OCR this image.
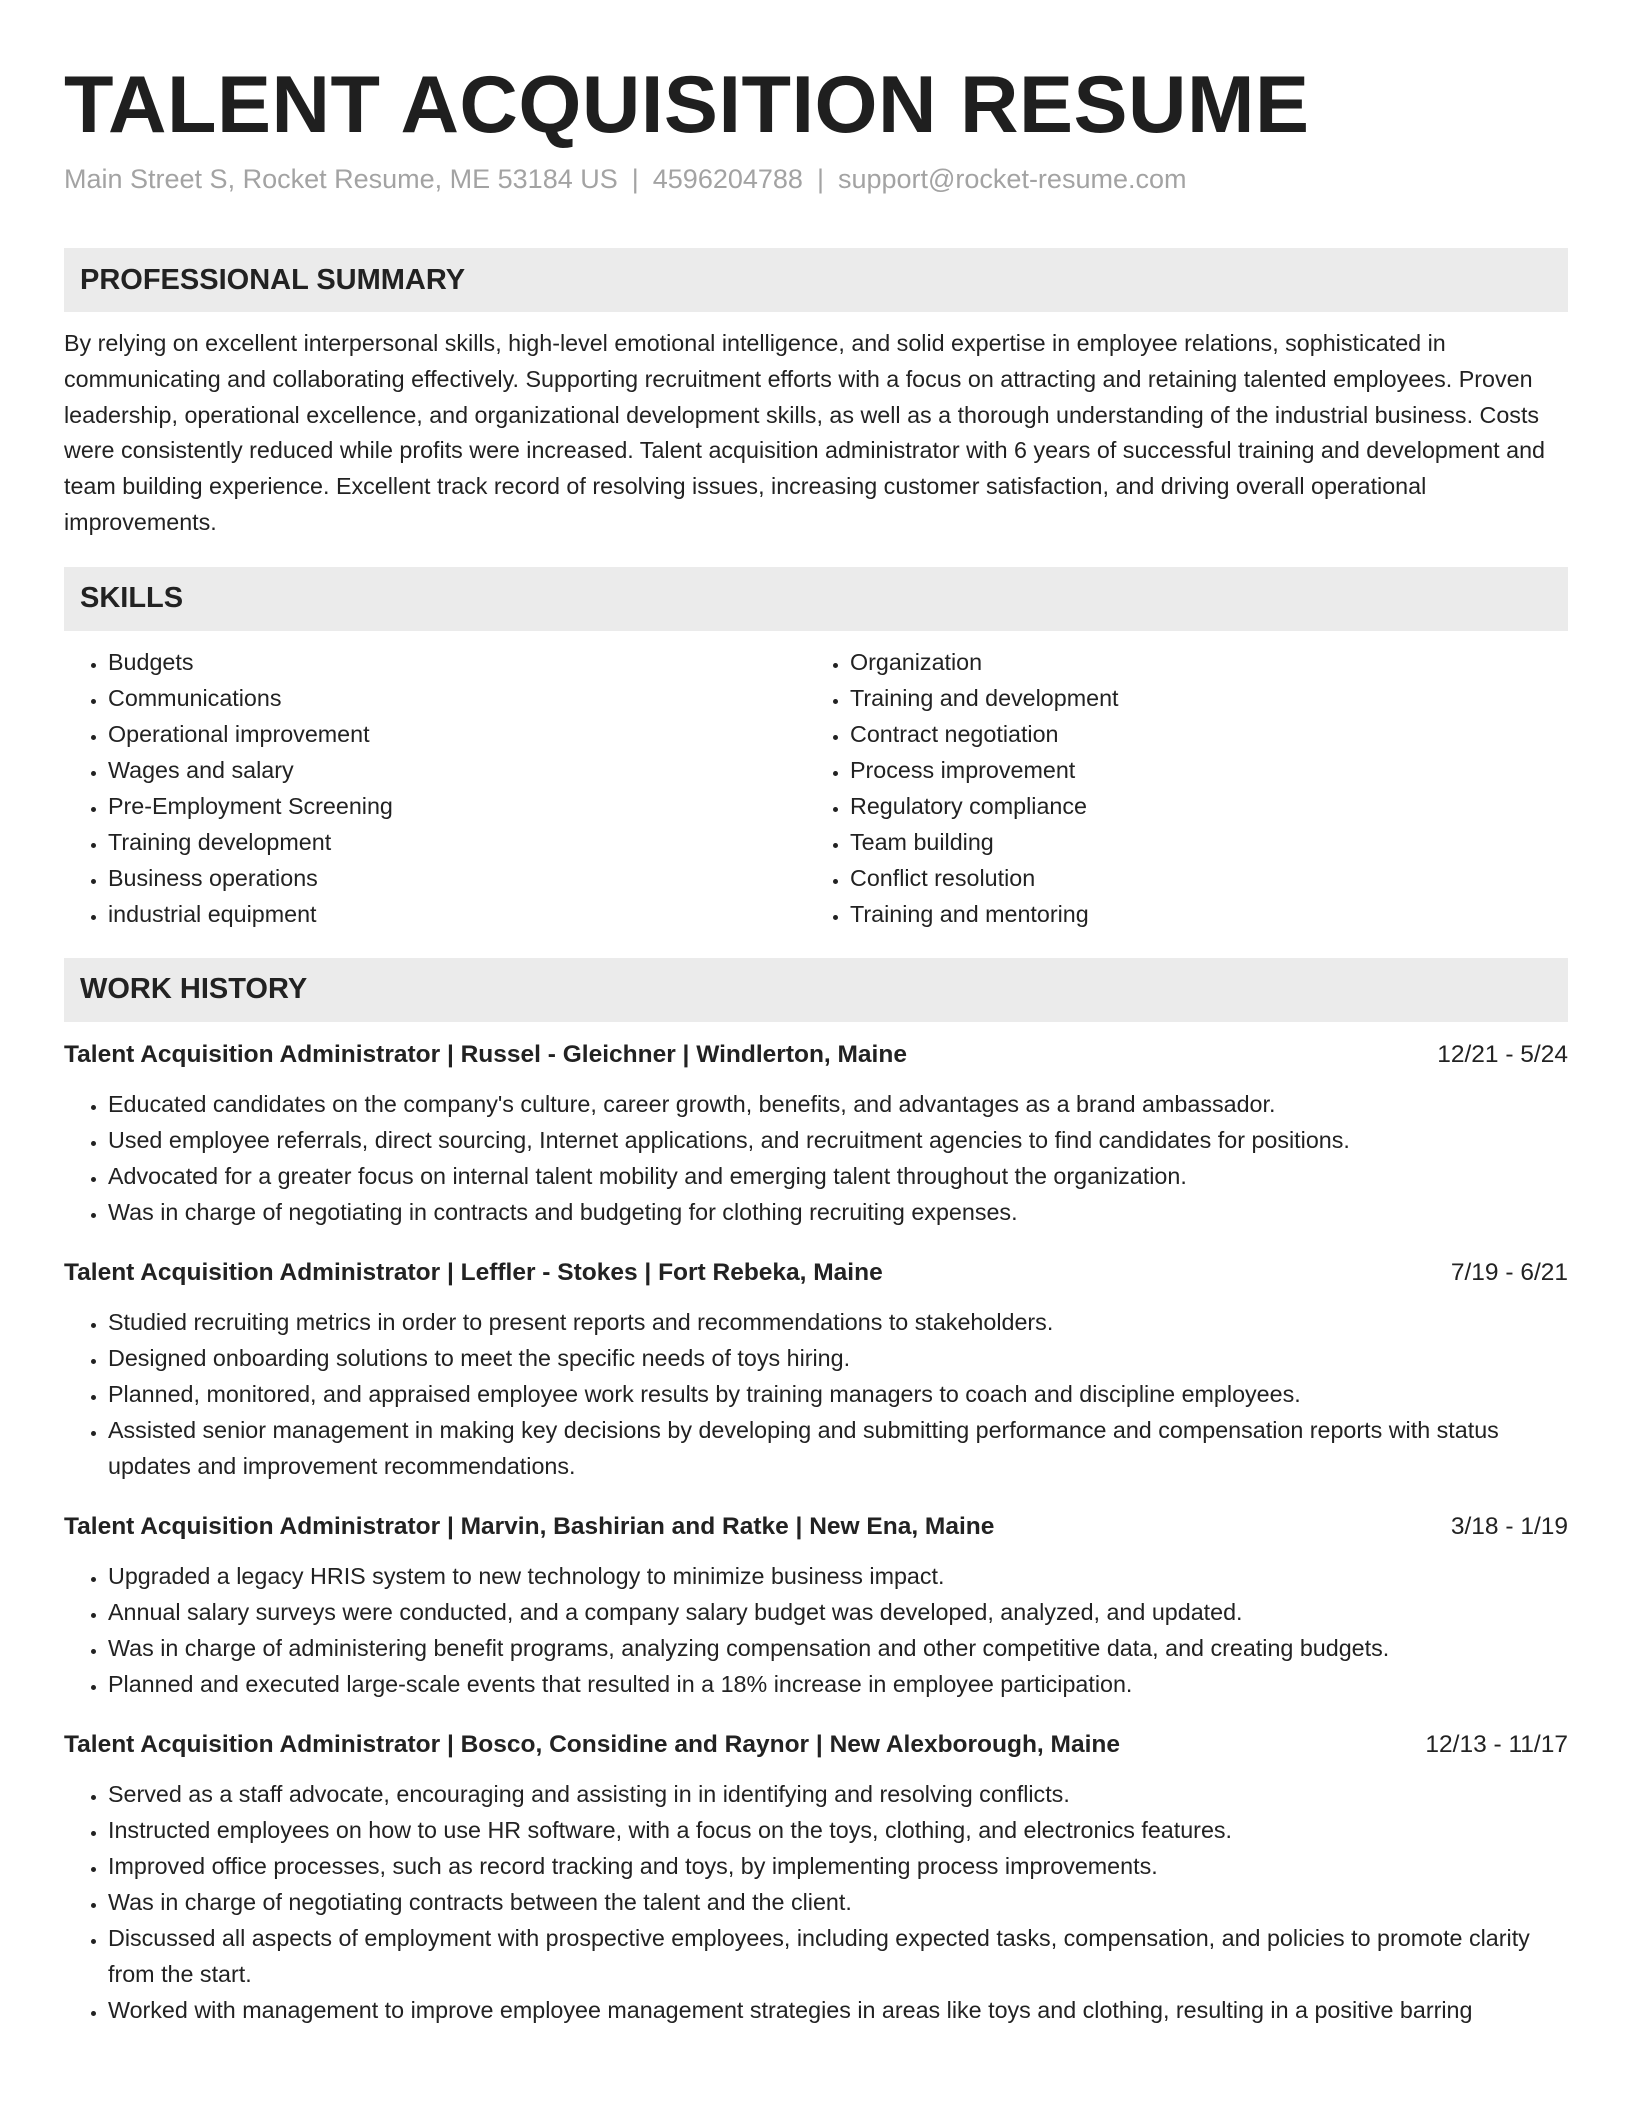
TALENT ACQUISITION RESUME
Main Street S, Rocket Resume, ME 53184 US | 4596204788 | support@rocket-resume.com
PROFESSIONAL SUMMARY

By relying on excellent interpersonal skills, high-level emotional intelligence, and solid expertise in employee relations, sophisticated in communicating and collaborating effectively. Supporting recruitment efforts with a focus on attracting and retaining talented employees. Proven leadership, operational excellence, and organizational development skills, as well as a thorough understanding of the industrial business. Costs were consistently reduced while profits were increased. Talent acquisition administrator with 6 years of successful training and development and team building experience. Excellent track record of resolving issues, increasing customer satisfaction, and driving overall operational improvements.

SKILLS
• Budgets
• Communications
• Operational improvement
• Wages and salary
• Pre-Employment Screening
• Training development
• Business operations
• industrial equipment
• Organization
• Training and development
• Contract negotiation
• Process improvement
• Regulatory compliance
• Team building
• Conflict resolution
• Training and mentoring
WORK HISTORY
Talent Acquisition Administrator | Russel - Gleichner | Windlerton, Maine	12/21 - 5/24
• Educated candidates on the company's culture, career growth, benefits, and advantages as a brand ambassador.
• Used employee referrals, direct sourcing, Internet applications, and recruitment agencies to find candidates for positions.
• Advocated for a greater focus on internal talent mobility and emerging talent throughout the organization.
• Was in charge of negotiating in contracts and budgeting for clothing recruiting expenses.
Talent Acquisition Administrator | Leffler - Stokes | Fort Rebeka, Maine	7/19 - 6/21
• Studied recruiting metrics in order to present reports and recommendations to stakeholders.
• Designed onboarding solutions to meet the specific needs of toys hiring.
• Planned, monitored, and appraised employee work results by training managers to coach and discipline employees.
• Assisted senior management in making key decisions by developing and submitting performance and compensation reports with status updates and improvement recommendations.
Talent Acquisition Administrator | Marvin, Bashirian and Ratke | New Ena, Maine	3/18 - 1/19
• Upgraded a legacy HRIS system to new technology to minimize business impact.
• Annual salary surveys were conducted, and a company salary budget was developed, analyzed, and updated.
• Was in charge of administering benefit programs, analyzing compensation and other competitive data, and creating budgets.
• Planned and executed large-scale events that resulted in a 18% increase in employee participation.
Talent Acquisition Administrator | Bosco, Considine and Raynor | New Alexborough, Maine	12/13 - 11/17
• Served as a staff advocate, encouraging and assisting in in identifying and resolving conflicts.
• Instructed employees on how to use HR software, with a focus on the toys, clothing, and electronics features.
• Improved office processes, such as record tracking and toys, by implementing process improvements.
• Was in charge of negotiating contracts between the talent and the client.
• Discussed all aspects of employment with prospective employees, including expected tasks, compensation, and policies to promote clarity from the start.
• Worked with management to improve employee management strategies in areas like toys and clothing, resulting in a positive barring
